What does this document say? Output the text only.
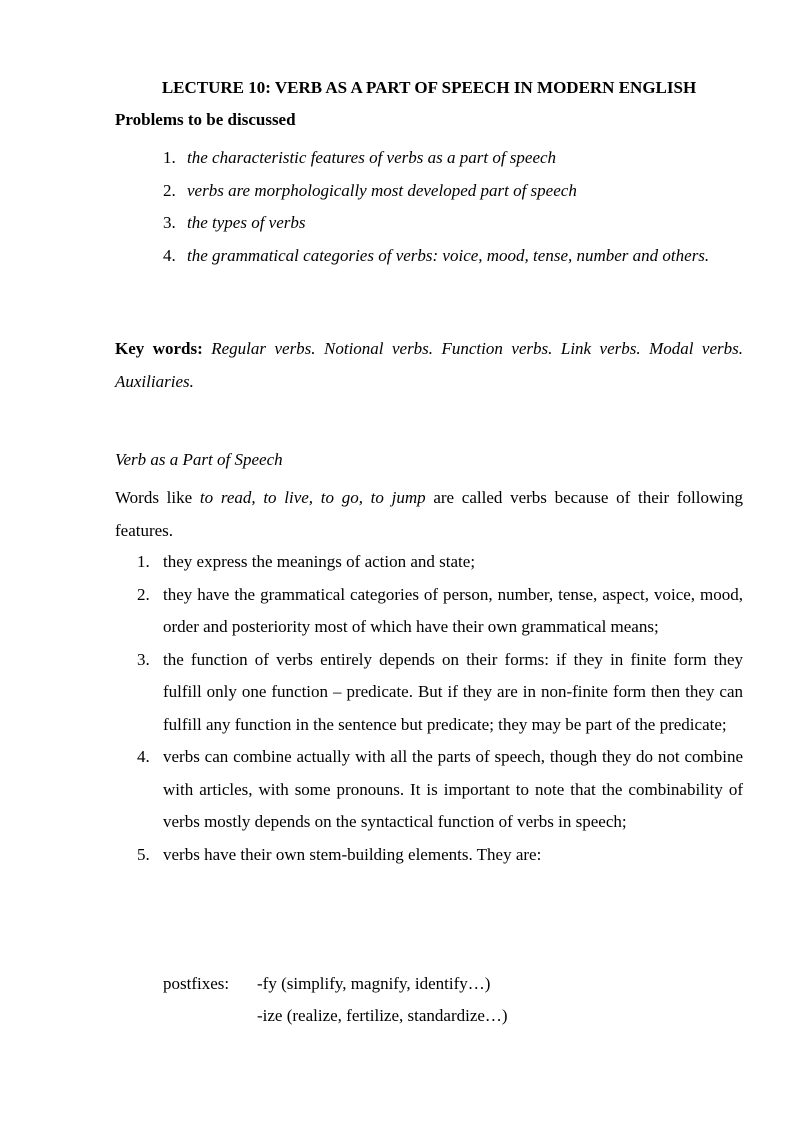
LECTURE 10: VERB AS A PART OF SPEECH IN MODERN ENGLISH
Problems to be discussed
1. the characteristic features of verbs as a part of speech
2. verbs are morphologically most developed part of speech
3. the types of verbs
4. the grammatical categories of verbs: voice, mood, tense, number and others.
Key words: Regular verbs. Notional verbs. Function verbs. Link verbs. Modal verbs. Auxiliaries.
Verb as a Part of Speech
Words like to read, to live, to go, to jump are called verbs because of their following features.
1. they express the meanings of action and state;
2. they have the grammatical categories of person, number, tense, aspect, voice, mood, order and posteriority most of which have their own grammatical means;
3. the function of verbs entirely depends on their forms: if they in finite form they fulfill only one function – predicate. But if they are in non-finite form then they can fulfill any function in the sentence but predicate; they may be part of the predicate;
4. verbs can combine actually with all the parts of speech, though they do not combine with articles, with some pronouns. It is important to note that the combinability of verbs mostly depends on the syntactical function of verbs in speech;
5. verbs have their own stem-building elements. They are:
postfixes: -fy (simplify, magnify, identify…)
-ize (realize, fertilize, standardize…)
